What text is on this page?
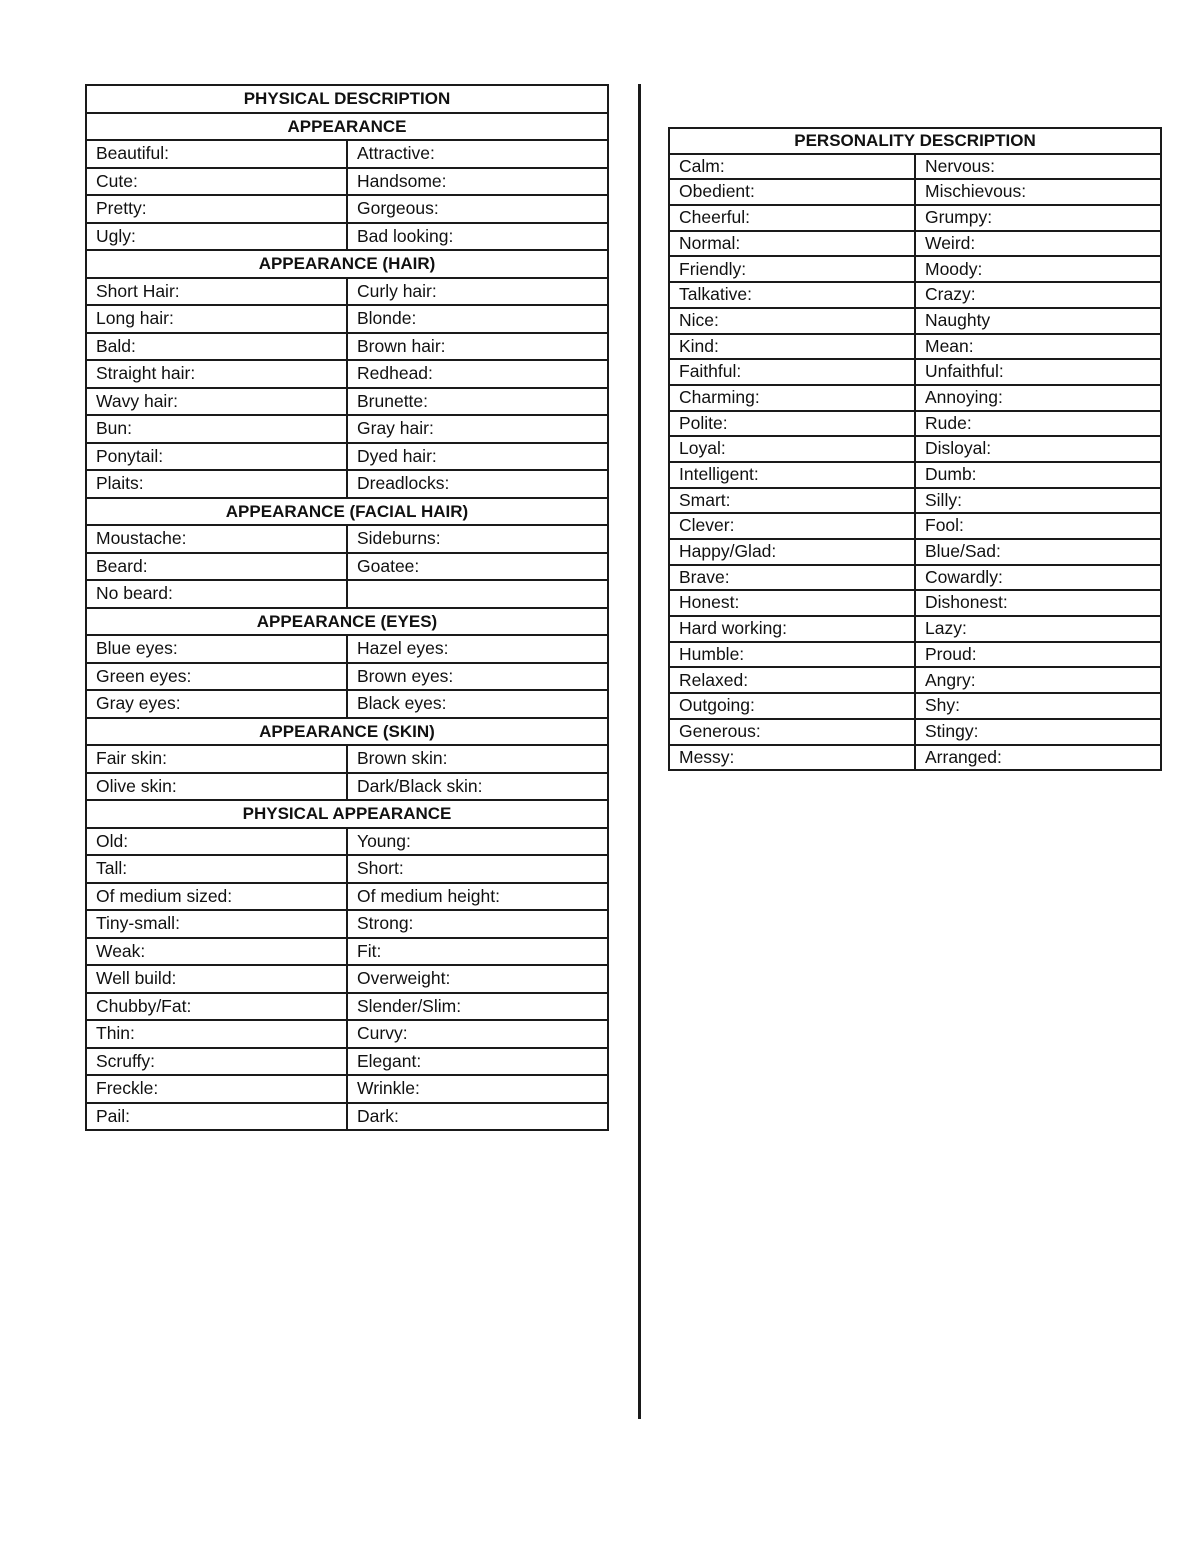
PHYSICAL DESCRIPTION	
APPEARANCE	
Beautiful:	Attractive:
Cute:	Handsome:
Pretty:	Gorgeous:
Ugly:	Bad looking:
APPEARANCE (HAIR)	
Short Hair:	Curly hair:
Long hair:	Blonde:
Bald:	Brown hair:
Straight hair:	Redhead:
Wavy hair:	Brunette:
Bun:	Gray hair:
Ponytail:	Dyed hair:
Plaits:	Dreadlocks:
APPEARANCE (FACIAL HAIR)	
Moustache:	Sideburns:
Beard:	Goatee:
No beard:	
APPEARANCE (EYES)	
Blue eyes:	Hazel eyes:
Green eyes:	Brown eyes:
Gray eyes:	Black eyes:
APPEARANCE (SKIN)	
Fair skin:	Brown skin:
Olive skin:	Dark/Black skin:
PHYSICAL APPEARANCE	
Old:	Young:
Tall:	Short:
Of medium sized:	Of medium height:
Tiny-small:	Strong:
Weak:	Fit:
Well build:	Overweight:
Chubby/Fat:	Slender/Slim:
Thin:	Curvy:
Scruffy:	Elegant:
Freckle:	Wrinkle:
Pail:	Dark:
PERSONALITY DESCRIPTION	
Calm:	Nervous:
Obedient:	Mischievous:
Cheerful:	Grumpy:
Normal:	Weird:
Friendly:	Moody:
Talkative:	Crazy:
Nice:	Naughty
Kind:	Mean:
Faithful:	Unfaithful:
Charming:	Annoying:
Polite:	Rude:
Loyal:	Disloyal:
Intelligent:	Dumb:
Smart:	Silly:
Clever:	Fool:
Happy/Glad:	Blue/Sad:
Brave:	Cowardly:
Honest:	Dishonest:
Hard working:	Lazy:
Humble:	Proud:
Relaxed:	Angry:
Outgoing:	Shy:
Generous:	Stingy:
Messy:	Arranged:
